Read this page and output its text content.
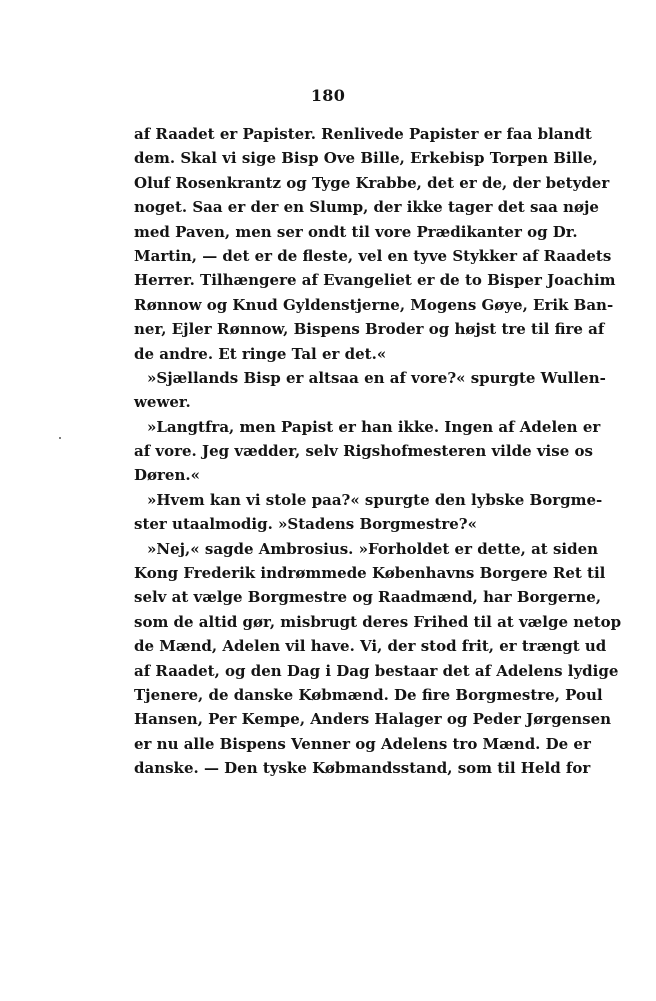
180
af Raadet er Papister. Renlivede Papister er faa blandt
dem. Skal vi sige Bisp Ove Bille, Erkebisp Torpen Bille,
Oluf Rosenkrantz og Tyge Krabbe, det er de, der betyder
noget. Saa er der en Slump, der ikke tager det saa nøje
med Paven, men ser ondt til vore Prædikanter og Dr.
Martin, — det er de fleste, vel en tyve Stykker af Raadets
Herrer. Tilhængere af Evangeliet er de to Bisper Joachim
Rønnow og Knud Gyldenstjerne, Mogens Gøye, Erik Ban-
ner, Ejler Rønnow, Bispens Broder og højst tre til fire af
de andre. Et ringe Tal er det.«
»Sjællands Bisp er altsaa en af vore?« spurgte Wullen-
wewer.
»Langtfra, men Papist er han ikke. Ingen af Adelen er
af vore. Jeg vædder, selv Rigshofmesteren vilde vise os
Døren.«
»Hvem kan vi stole paa?« spurgte den lybske Borgme-
ster utaalmodig. »Stadens Borgmestre?«
»Nej,« sagde Ambrosius. »Forholdet er dette, at siden
Kong Frederik indrømmede Københavns Borgere Ret til
selv at vælge Borgmestre og Raadmænd, har Borgerne,
som de altid gør, misbrugt deres Frihed til at vælge netop
de Mænd, Adelen vil have. Vi, der stod frit, er trængt ud
af Raadet, og den Dag i Dag bestaar det af Adelens lydige
Tjenere, de danske Købmænd. De fire Borgmestre, Poul
Hansen, Per Kempe, Anders Halager og Peder Jørgensen
er nu alle Bispens Venner og Adelens tro Mænd. De er
danske. — Den tyske Købmandsstand, som til Held for
